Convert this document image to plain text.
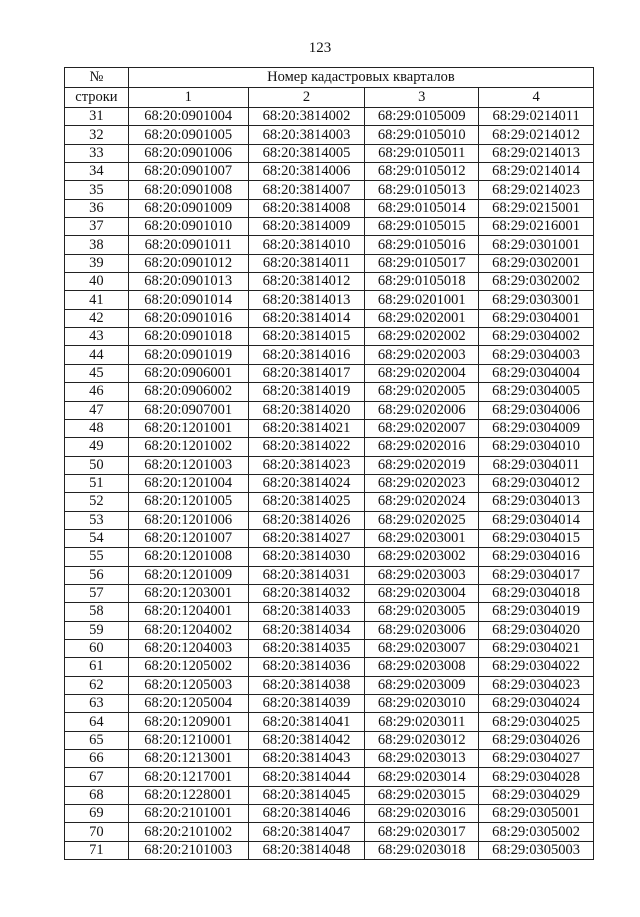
123
№	Номер кадастровых кварталов			
строки	1	2	3	4
31	68:20:0901004	68:20:3814002	68:29:0105009	68:29:0214011
32	68:20:0901005	68:20:3814003	68:29:0105010	68:29:0214012
33	68:20:0901006	68:20:3814005	68:29:0105011	68:29:0214013
34	68:20:0901007	68:20:3814006	68:29:0105012	68:29:0214014
35	68:20:0901008	68:20:3814007	68:29:0105013	68:29:0214023
36	68:20:0901009	68:20:3814008	68:29:0105014	68:29:0215001
37	68:20:0901010	68:20:3814009	68:29:0105015	68:29:0216001
38	68:20:0901011	68:20:3814010	68:29:0105016	68:29:0301001
39	68:20:0901012	68:20:3814011	68:29:0105017	68:29:0302001
40	68:20:0901013	68:20:3814012	68:29:0105018	68:29:0302002
41	68:20:0901014	68:20:3814013	68:29:0201001	68:29:0303001
42	68:20:0901016	68:20:3814014	68:29:0202001	68:29:0304001
43	68:20:0901018	68:20:3814015	68:29:0202002	68:29:0304002
44	68:20:0901019	68:20:3814016	68:29:0202003	68:29:0304003
45	68:20:0906001	68:20:3814017	68:29:0202004	68:29:0304004
46	68:20:0906002	68:20:3814019	68:29:0202005	68:29:0304005
47	68:20:0907001	68:20:3814020	68:29:0202006	68:29:0304006
48	68:20:1201001	68:20:3814021	68:29:0202007	68:29:0304009
49	68:20:1201002	68:20:3814022	68:29:0202016	68:29:0304010
50	68:20:1201003	68:20:3814023	68:29:0202019	68:29:0304011
51	68:20:1201004	68:20:3814024	68:29:0202023	68:29:0304012
52	68:20:1201005	68:20:3814025	68:29:0202024	68:29:0304013
53	68:20:1201006	68:20:3814026	68:29:0202025	68:29:0304014
54	68:20:1201007	68:20:3814027	68:29:0203001	68:29:0304015
55	68:20:1201008	68:20:3814030	68:29:0203002	68:29:0304016
56	68:20:1201009	68:20:3814031	68:29:0203003	68:29:0304017
57	68:20:1203001	68:20:3814032	68:29:0203004	68:29:0304018
58	68:20:1204001	68:20:3814033	68:29:0203005	68:29:0304019
59	68:20:1204002	68:20:3814034	68:29:0203006	68:29:0304020
60	68:20:1204003	68:20:3814035	68:29:0203007	68:29:0304021
61	68:20:1205002	68:20:3814036	68:29:0203008	68:29:0304022
62	68:20:1205003	68:20:3814038	68:29:0203009	68:29:0304023
63	68:20:1205004	68:20:3814039	68:29:0203010	68:29:0304024
64	68:20:1209001	68:20:3814041	68:29:0203011	68:29:0304025
65	68:20:1210001	68:20:3814042	68:29:0203012	68:29:0304026
66	68:20:1213001	68:20:3814043	68:29:0203013	68:29:0304027
67	68:20:1217001	68:20:3814044	68:29:0203014	68:29:0304028
68	68:20:1228001	68:20:3814045	68:29:0203015	68:29:0304029
69	68:20:2101001	68:20:3814046	68:29:0203016	68:29:0305001
70	68:20:2101002	68:20:3814047	68:29:0203017	68:29:0305002
71	68:20:2101003	68:20:3814048	68:29:0203018	68:29:0305003
